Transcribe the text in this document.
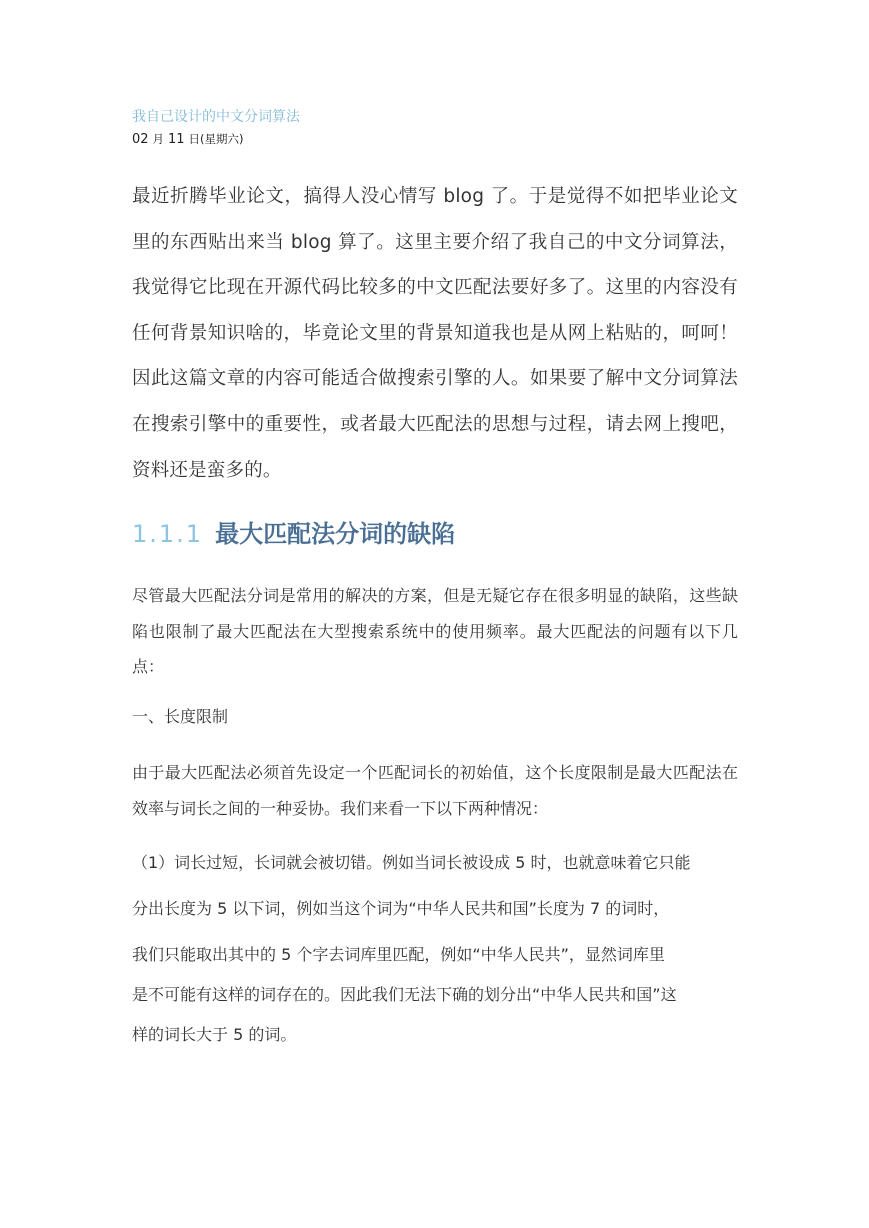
我自己设计的中文分词算法
02 月 11 日(星期六)
最近折腾毕业论文，搞得人没心情写 blog 了。于是觉得不如把毕业论文里的东西贴出来当 blog 算了。这里主要介绍了我自己的中文分词算法，我觉得它比现在开源代码比较多的中文匹配法要好多了。这里的内容没有任何背景知识啥的，毕竟论文里的背景知道我也是从网上粘贴的，呵呵！因此这篇文章的内容可能适合做搜索引擎的人。如果要了解中文分词算法在搜索引擎中的重要性，或者最大匹配法的思想与过程，请去网上搜吧，资料还是蛮多的。
1.1.1 最大匹配法分词的缺陷
尽管最大匹配法分词是常用的解决的方案，但是无疑它存在很多明显的缺陷，这些缺陷也限制了最大匹配法在大型搜索系统中的使用频率。最大匹配法的问题有以下几点：
一、长度限制
由于最大匹配法必须首先设定一个匹配词长的初始值，这个长度限制是最大匹配法在效率与词长之间的一种妥协。我们来看一下以下两种情况：
（1）词长过短，长词就会被切错。例如当词长被设成 5 时，也就意味着它只能
分出长度为 5 以下词，例如当这个词为“中华人民共和国”长度为 7 的词时，
我们只能取出其中的 5 个字去词库里匹配，例如“中华人民共”，显然词库里
是不可能有这样的词存在的。因此我们无法下确的划分出“中华人民共和国”这
样的词长大于 5 的词。
